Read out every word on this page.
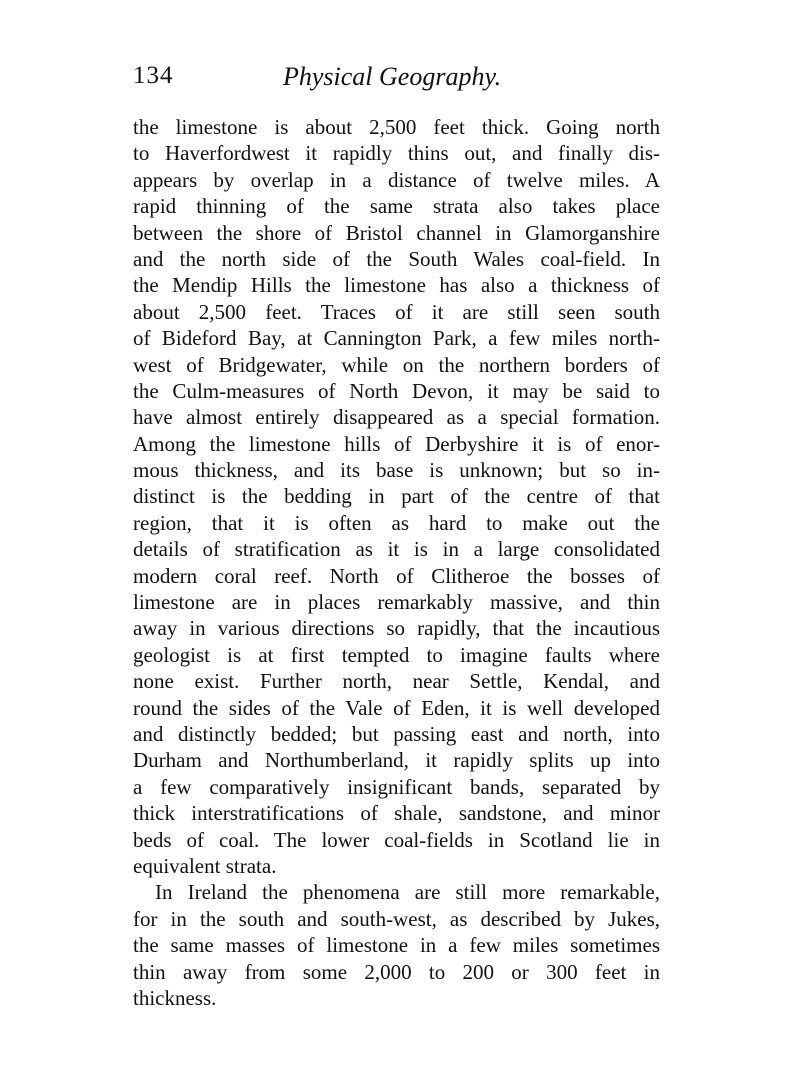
134	Physical Geography.
the limestone is about 2,500 feet thick. Going north
to Haverfordwest it rapidly thins out, and finally dis-
appears by overlap in a distance of twelve miles. A
rapid thinning of the same strata also takes place
between the shore of Bristol channel in Glamorganshire
and the north side of the South Wales coal-field. In
the Mendip Hills the limestone has also a thickness of
about 2,500 feet. Traces of it are still seen south
of Bideford Bay, at Cannington Park, a few miles north-
west of Bridgewater, while on the northern borders of
the Culm-measures of North Devon, it may be said to
have almost entirely disappeared as a special formation.
Among the limestone hills of Derbyshire it is of enor-
mous thickness, and its base is unknown; but so in-
distinct is the bedding in part of the centre of that
region, that it is often as hard to make out the
details of stratification as it is in a large consolidated
modern coral reef. North of Clitheroe the bosses of
limestone are in places remarkably massive, and thin
away in various directions so rapidly, that the incautious
geologist is at first tempted to imagine faults where
none exist. Further north, near Settle, Kendal, and
round the sides of the Vale of Eden, it is well developed
and distinctly bedded; but passing east and north, into
Durham and Northumberland, it rapidly splits up into
a few comparatively insignificant bands, separated by
thick interstratifications of shale, sandstone, and minor
beds of coal. The lower coal-fields in Scotland lie in
equivalent strata.
In Ireland the phenomena are still more remarkable,
for in the south and south-west, as described by Jukes,
the same masses of limestone in a few miles sometimes
thin away from some 2,000 to 200 or 300 feet in
thickness.
